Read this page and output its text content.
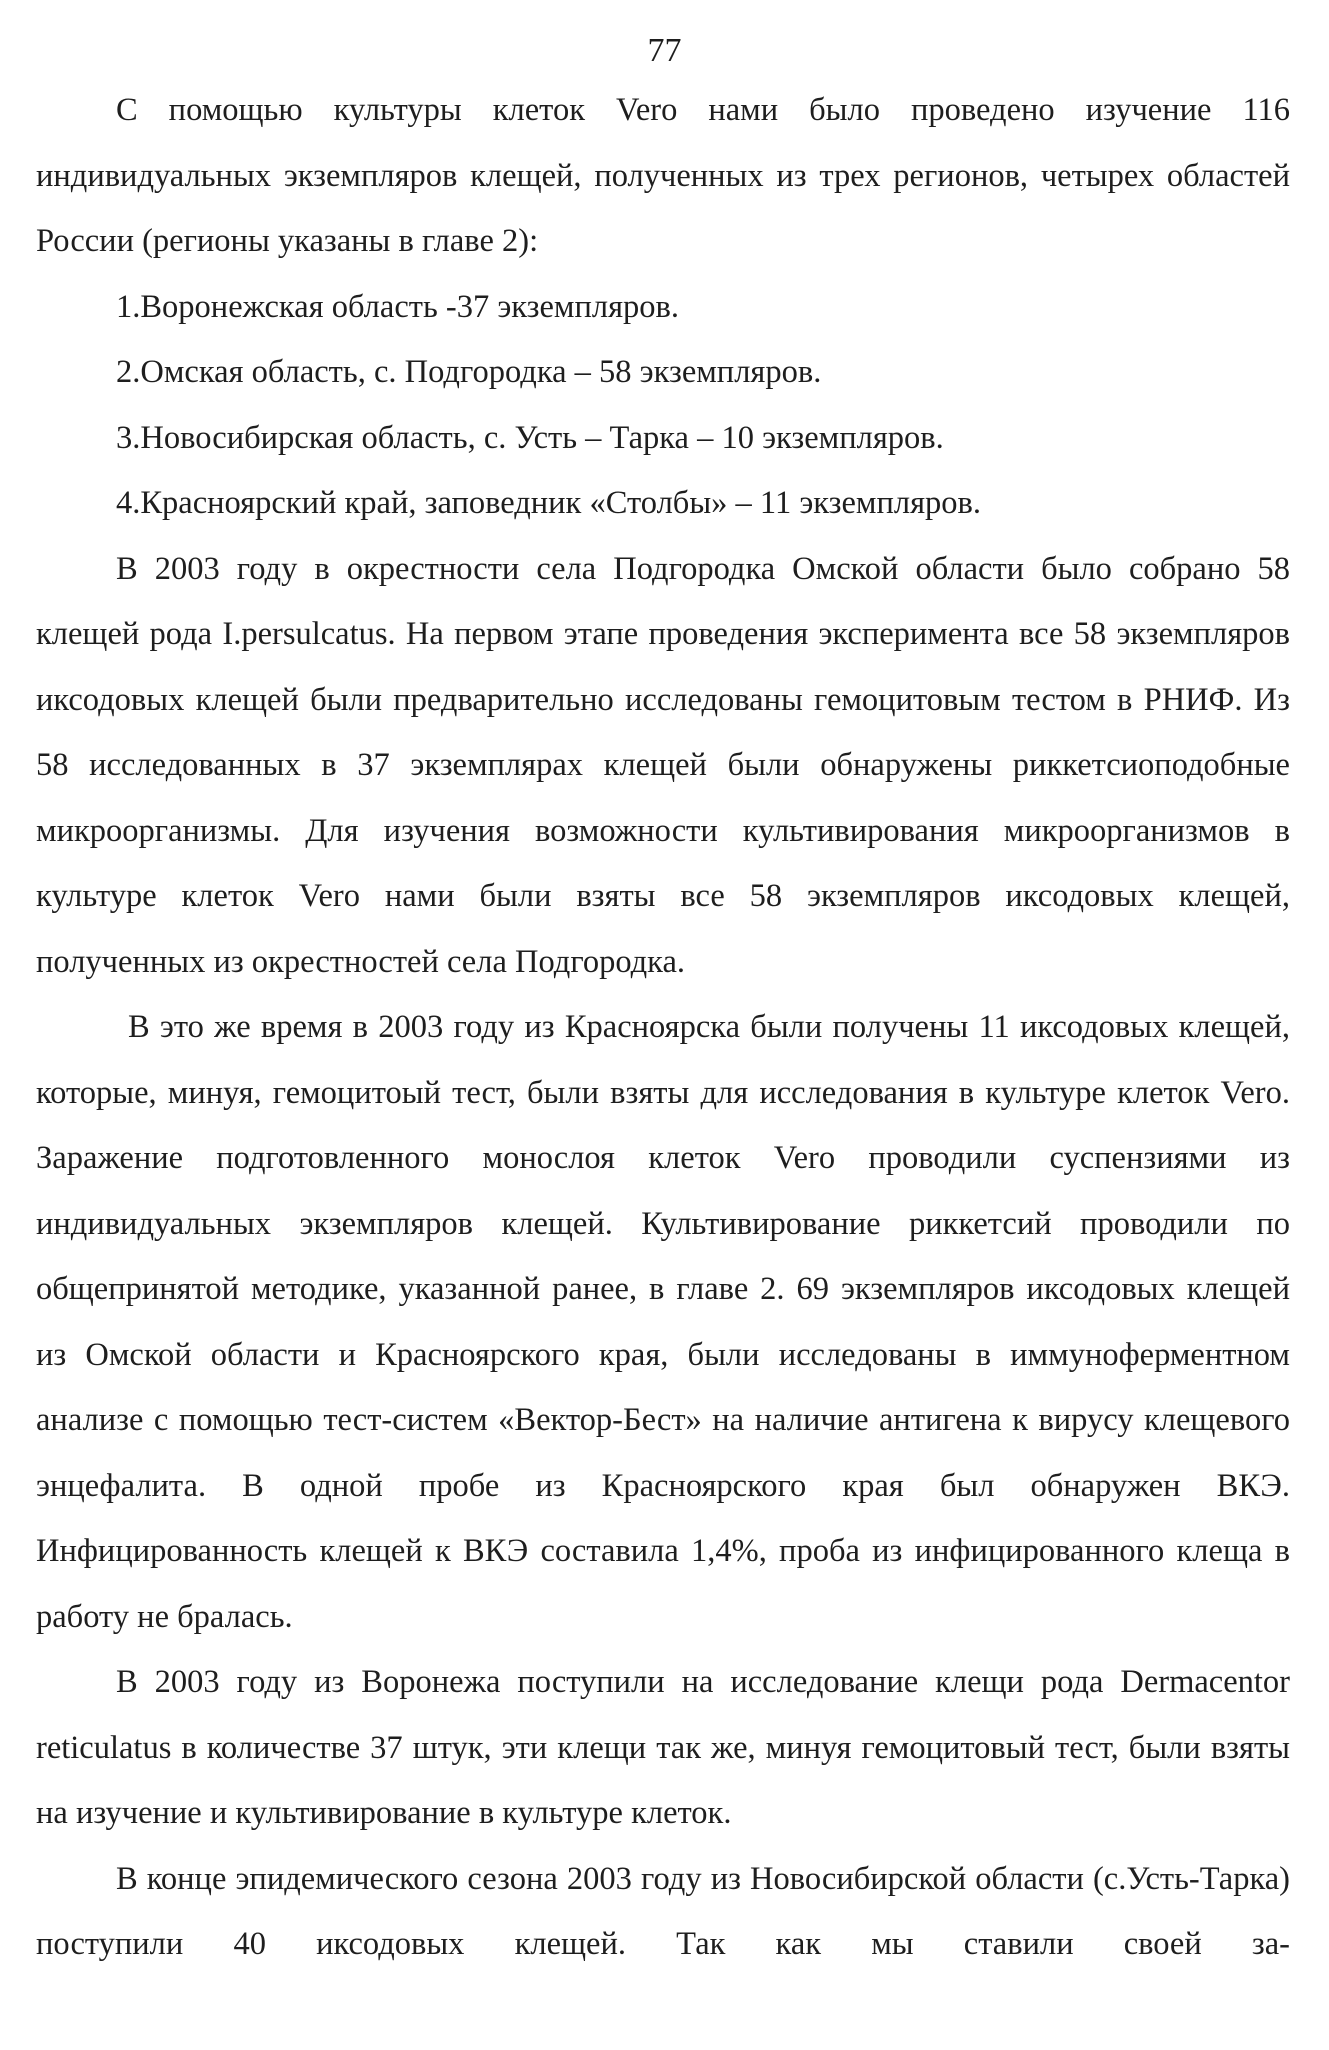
77

С помощью культуры клеток Vero нами было проведено изучение 116 индивидуальных экземпляров клещей, полученных из трех регионов, четырех областей России (регионы указаны в главе 2):

1.Воронежская область -37 экземпляров.

2.Омская область, с. Подгородка – 58 экземпляров.

3.Новосибирская область, с. Усть – Тарка – 10 экземпляров.

4.Красноярский край, заповедник «Столбы» – 11 экземпляров.

В 2003 году в окрестности села Подгородка Омской области было собрано 58 клещей рода I.persulcatus. На первом этапе проведения эксперимента все 58 экземпляров иксодовых клещей были предварительно исследованы гемоцитовым тестом в РНИФ. Из 58 исследованных в 37 экземплярах клещей были обнаружены риккетсиоподобные микроорганизмы. Для изучения возможности культивирования микроорганизмов в культуре клеток Vero нами были взяты все 58 экземпляров иксодовых клещей, полученных из окрестностей села Подгородка.

В это же время в 2003 году из Красноярска были получены 11 иксодовых клещей, которые, минуя, гемоцитоый тест, были взяты для исследования в культуре клеток Vero. Заражение подготовленного монослоя клеток Vero проводили суспензиями из индивидуальных экземпляров клещей. Культивирование риккетсий проводили по общепринятой методике, указанной ранее, в главе 2. 69 экземпляров иксодовых клещей из Омской области и Красноярского края, были исследованы в иммуноферментном анализе с помощью тест-систем «Вектор-Бест» на наличие антигена к вирусу клещевого энцефалита. В одной пробе из Красноярского края был обнаружен ВКЭ. Инфицированность клещей к ВКЭ составила 1,4%, проба из инфицированного клеща в работу не бралась.

В 2003 году из Воронежа поступили на исследование клещи рода Dermacentor reticulatus в количестве 37 штук, эти клещи так же, минуя гемоцитовый тест, были взяты на изучение и культивирование в культуре клеток.

В конце эпидемического сезона 2003 году из Новосибирской области (с.Усть-Тарка) поступили 40 иксодовых клещей. Так как мы ставили своей за-
